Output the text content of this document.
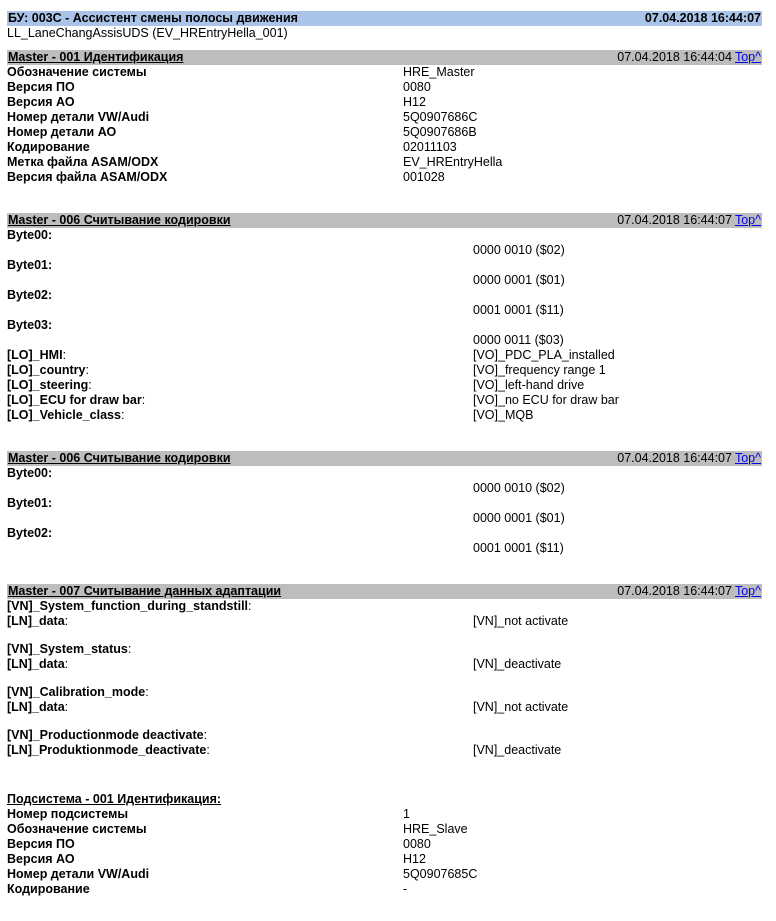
БУ: 003C - Ассистент смены полосы движения	07.04.2018 16:44:07
LL_LaneChangAssisUDS (EV_HREntryHella_001)
Master - 001 Идентификация	07.04.2018 16:44:04 Top^
Обозначение системы	HRE_Master
Версия ПО	0080
Версия АО	H12
Номер детали VW/Audi	5Q0907686C
Номер детали АО	5Q0907686B
Кодирование	02011103
Метка файла ASAM/ODX	EV_HREntryHella
Версия файла ASAM/ODX	001028
Master - 006 Считывание кодировки	07.04.2018 16:44:07 Top^
Byte00:
0000 0010 ($02)
Byte01:
0000 0001 ($01)
Byte02:
0001 0001 ($11)
Byte03:
0000 0011 ($03)
[LO]_HMI:	[VO]_PDC_PLA_installed
[LO]_country:	[VO]_frequency range 1
[LO]_steering:	[VO]_left-hand drive
[LO]_ECU for draw bar:	[VO]_no ECU for draw bar
[LO]_Vehicle_class:	[VO]_MQB
Master - 006 Считывание кодировки	07.04.2018 16:44:07 Top^
Byte00:
0000 0010 ($02)
Byte01:
0000 0001 ($01)
Byte02:
0001 0001 ($11)
Master - 007 Считывание данных адаптации	07.04.2018 16:44:07 Top^
[VN]_System_function_during_standstill:
[LN]_data:	[VN]_not activate
[VN]_System_status:
[LN]_data:	[VN]_deactivate
[VN]_Calibration_mode:
[LN]_data:	[VN]_not activate
[VN]_Productionmode deactivate:
[LN]_Produktionmode_deactivate:	[VN]_deactivate
Подсистема - 001 Идентификация:
Номер подсистемы	1
Обозначение системы	HRE_Slave
Версия ПО	0080
Версия АО	H12
Номер детали VW/Audi	5Q0907685C
Кодирование	-
